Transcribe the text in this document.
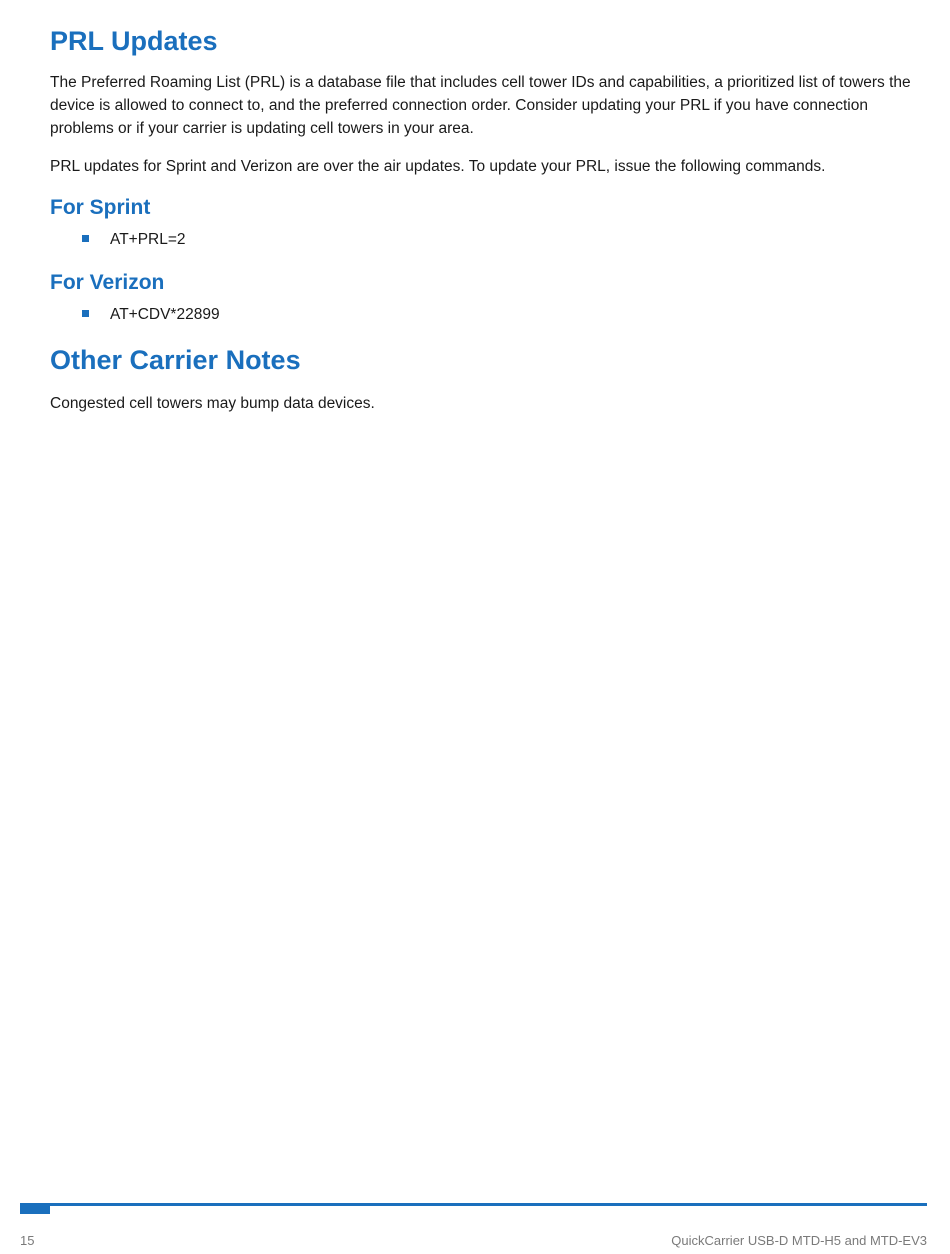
PRL Updates

The Preferred Roaming List (PRL) is a database file that includes cell tower IDs and capabilities, a prioritized list of towers the device is allowed to connect to, and the preferred connection order. Consider updating your PRL if you have connection problems or if your carrier is updating cell towers in your area.

PRL updates for Sprint and Verizon are over the air updates. To update your PRL, issue the following commands.

For Sprint
AT+PRL=2
For Verizon
AT+CDV*22899
Other Carrier Notes

Congested cell towers may bump data devices.

15	QuickCarrier USB-D MTD-H5 and MTD-EV3
